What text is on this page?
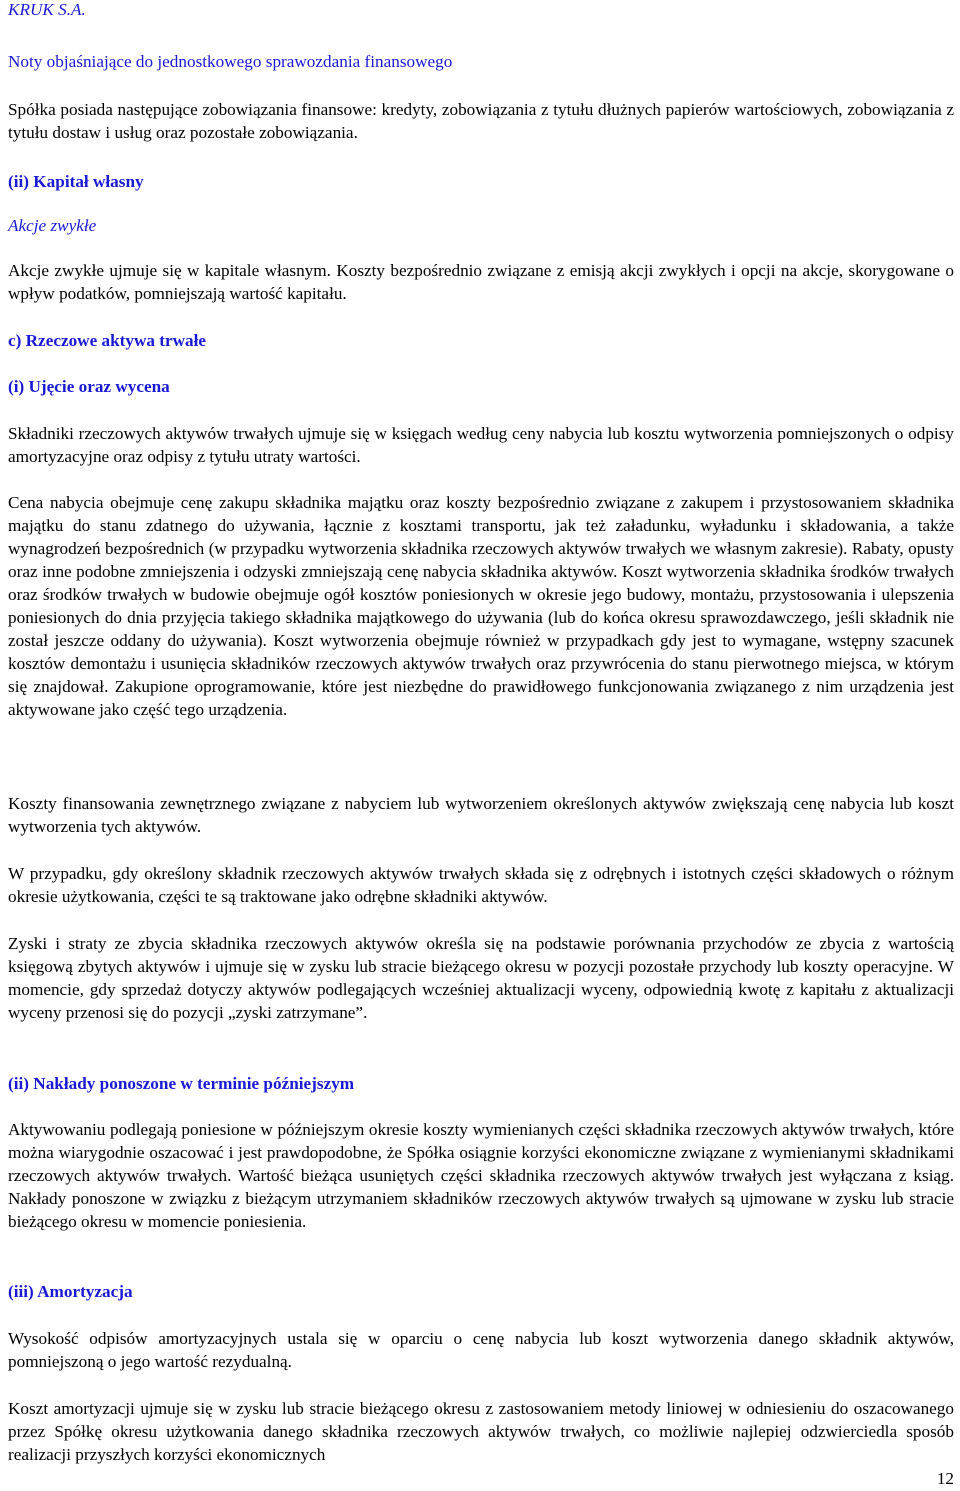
KRUK S.A.
Noty objaśniające do jednostkowego sprawozdania finansowego

Spółka posiada następujące zobowiązania finansowe: kredyty, zobowiązania z tytułu dłużnych papierów wartościowych, zobowiązania z tytułu dostaw i usług oraz pozostałe zobowiązania.

(ii) Kapitał własny
Akcje zwykłe

Akcje zwykłe ujmuje się w kapitale własnym. Koszty bezpośrednio związane z emisją akcji zwykłych i opcji na akcje, skorygowane o wpływ podatków, pomniejszają wartość kapitału.

c) Rzeczowe aktywa trwałe
(i) Ujęcie oraz wycena

Składniki rzeczowych aktywów trwałych ujmuje się w księgach według ceny nabycia lub kosztu wytworzenia pomniejszonych o odpisy amortyzacyjne oraz odpisy z tytułu utraty wartości.

Cena nabycia obejmuje cenę zakupu składnika majątku oraz koszty bezpośrednio związane z zakupem i przystosowaniem składnika majątku do stanu zdatnego do używania, łącznie z kosztami transportu, jak też załadunku, wyładunku i składowania, a także wynagrodzeń bezpośrednich (w przypadku wytworzenia składnika rzeczowych aktywów trwałych we własnym zakresie). Rabaty, opusty oraz inne podobne zmniejszenia i odzyski zmniejszają cenę nabycia składnika aktywów. Koszt wytworzenia składnika środków trwałych oraz środków trwałych w budowie obejmuje ogół kosztów poniesionych w okresie jego budowy, montażu, przystosowania i ulepszenia poniesionych do dnia przyjęcia takiego składnika majątkowego do używania (lub do końca okresu sprawozdawczego, jeśli składnik nie został jeszcze oddany do używania). Koszt wytworzenia obejmuje również w przypadkach gdy jest to wymagane, wstępny szacunek kosztów demontażu i usunięcia składników rzeczowych aktywów trwałych oraz przywrócenia do stanu pierwotnego miejsca, w którym się znajdował. Zakupione oprogramowanie, które jest niezbędne do prawidłowego funkcjonowania związanego z nim urządzenia jest aktywowane jako część tego urządzenia.

Koszty finansowania zewnętrznego związane z nabyciem lub wytworzeniem określonych aktywów zwiększają cenę nabycia lub koszt wytworzenia tych aktywów.

W przypadku, gdy określony składnik rzeczowych aktywów trwałych składa się z odrębnych i istotnych części składowych o różnym okresie użytkowania, części te są traktowane jako odrębne składniki aktywów.

Zyski i straty ze zbycia składnika rzeczowych aktywów określa się na podstawie porównania przychodów ze zbycia z wartością księgową zbytych aktywów i ujmuje się w zysku lub stracie bieżącego okresu w pozycji pozostałe przychody lub koszty operacyjne. W momencie, gdy sprzedaż dotyczy aktywów podlegających wcześniej aktualizacji wyceny, odpowiednią kwotę z kapitału z aktualizacji wyceny przenosi się do pozycji „zyski zatrzymane”.

(ii) Nakłady ponoszone w terminie późniejszym

Aktywowaniu podlegają poniesione w późniejszym okresie koszty wymienianych części składnika rzeczowych aktywów trwałych, które można wiarygodnie oszacować i jest prawdopodobne, że Spółka osiągnie korzyści ekonomiczne związane z wymienianymi składnikami rzeczowych aktywów trwałych. Wartość bieżąca usuniętych części składnika rzeczowych aktywów trwałych jest wyłączana z ksiąg. Nakłady ponoszone w związku z bieżącym utrzymaniem składników rzeczowych aktywów trwałych są ujmowane w zysku lub stracie bieżącego okresu w momencie poniesienia.

(iii) Amortyzacja

Wysokość odpisów amortyzacyjnych ustala się w oparciu o cenę nabycia lub koszt wytworzenia danego składnik aktywów, pomniejszoną o jego wartość rezydualną.

Koszt amortyzacji ujmuje się w zysku lub stracie bieżącego okresu z zastosowaniem metody liniowej w odniesieniu do oszacowanego przez Spółkę okresu użytkowania danego składnika rzeczowych aktywów trwałych, co możliwie najlepiej odzwierciedla sposób realizacji przyszłych korzyści ekonomicznych

12
